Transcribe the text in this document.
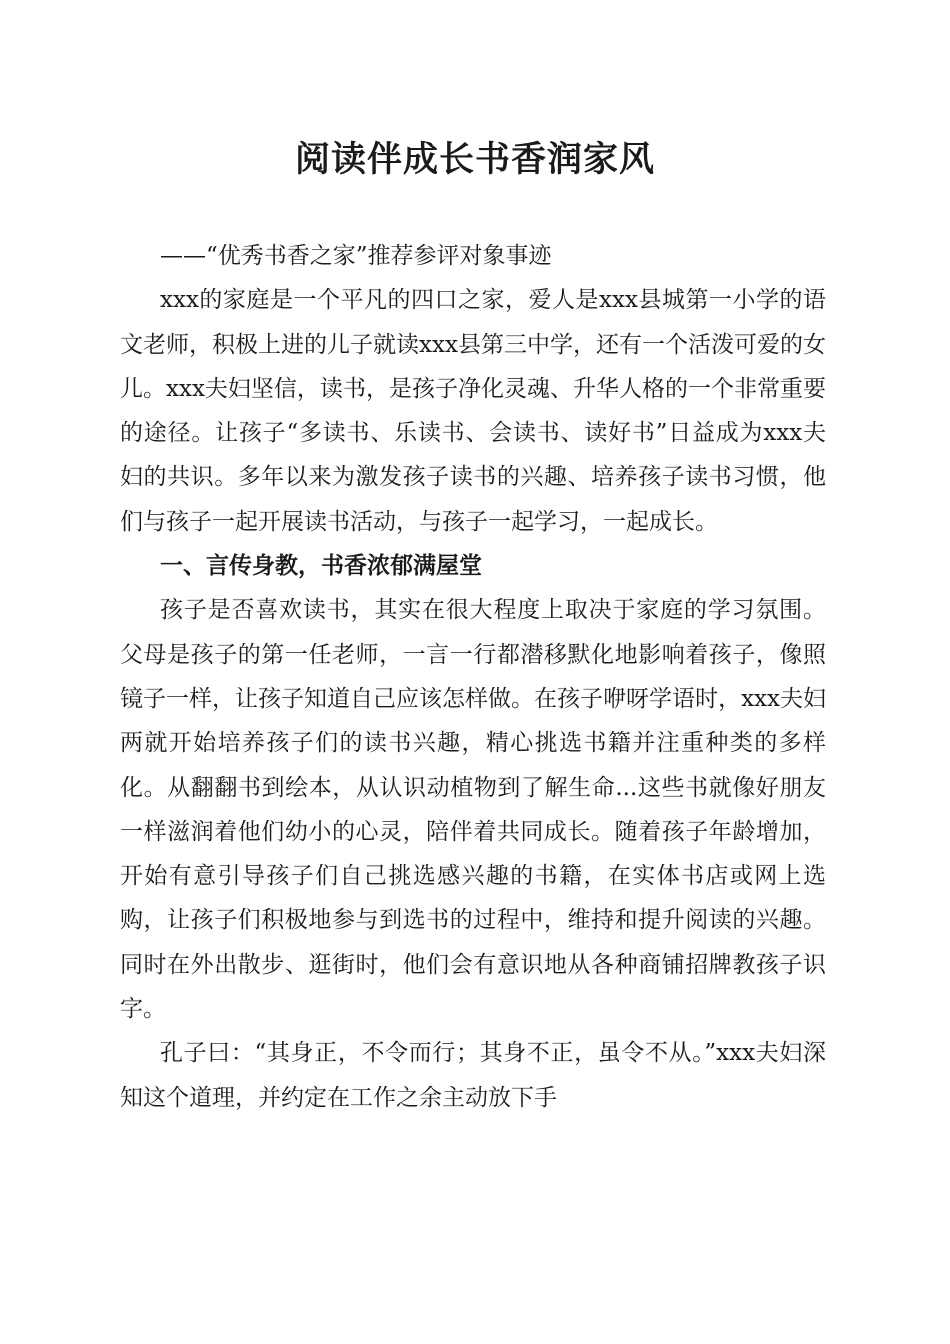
阅读伴成长书香润家风

——“优秀书香之家”推荐参评对象事迹

xxx的家庭是一个平凡的四口之家，爱人是xxx县城第一小学的语文老师，积极上进的儿子就读xxx县第三中学，还有一个活泼可爱的女儿。xxx夫妇坚信，读书，是孩子净化灵魂、升华人格的一个非常重要的途径。让孩子“多读书、乐读书、会读书、读好书”日益成为xxx夫妇的共识。多年以来为激发孩子读书的兴趣、培养孩子读书习惯，他们与孩子一起开展读书活动，与孩子一起学习，一起成长。

一、言传身教，书香浓郁满屋堂

孩子是否喜欢读书，其实在很大程度上取决于家庭的学习氛围。父母是孩子的第一任老师，一言一行都潜移默化地影响着孩子，像照镜子一样，让孩子知道自己应该怎样做。在孩子咿呀学语时，xxx夫妇两就开始培养孩子们的读书兴趣，精心挑选书籍并注重种类的多样化。从翻翻书到绘本，从认识动植物到了解生命...这些书就像好朋友一样滋润着他们幼小的心灵，陪伴着共同成长。随着孩子年龄增加，开始有意引导孩子们自己挑选感兴趣的书籍，在实体书店或网上选购，让孩子们积极地参与到选书的过程中，维持和提升阅读的兴趣。同时在外出散步、逛街时，他们会有意识地从各种商铺招牌教孩子识字。

孔子曰：“其身正，不令而行；其身不正，虽令不从。”xxx夫妇深知这个道理，并约定在工作之余主动放下手
